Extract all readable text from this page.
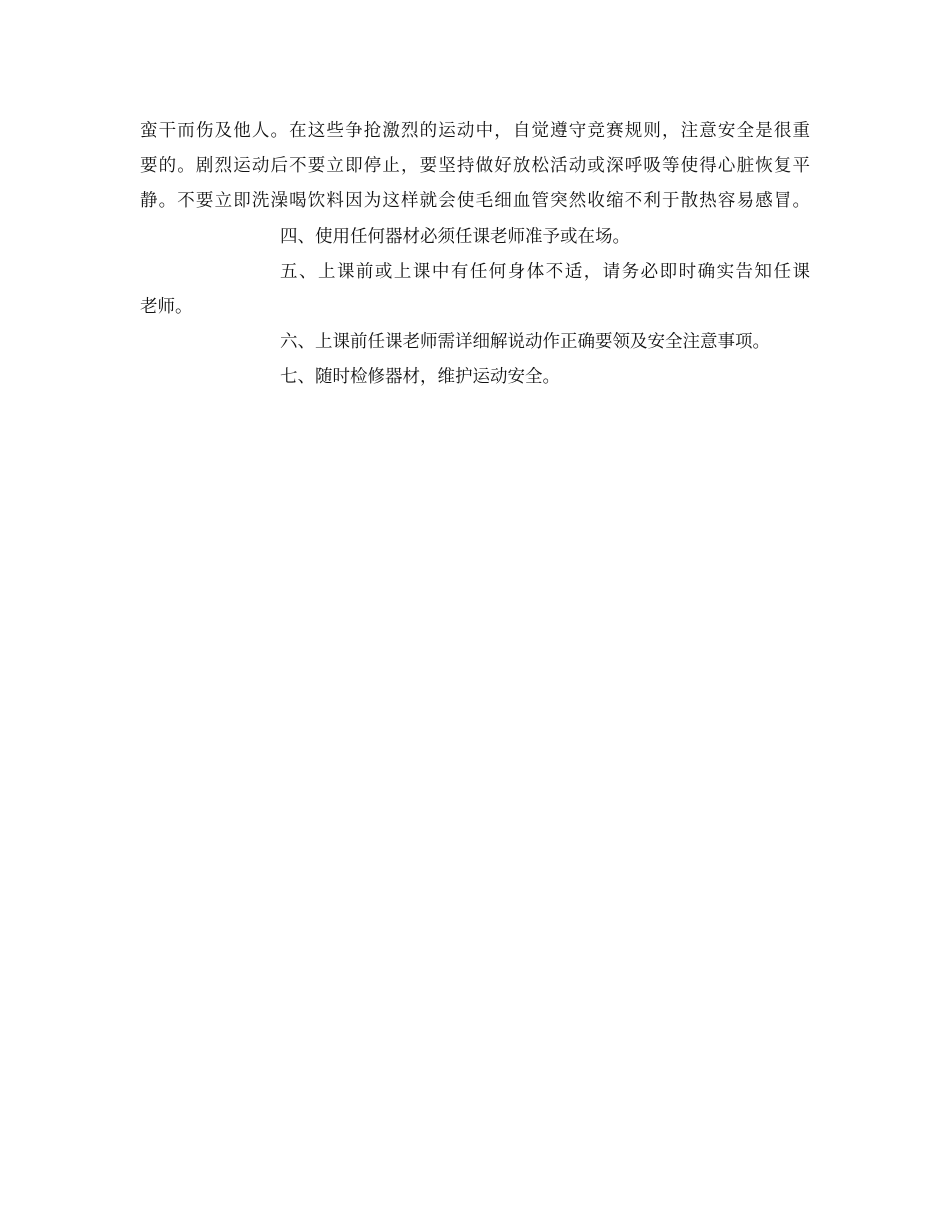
蛮干而伤及他人。在这些争抢激烈的运动中，自觉遵守竞赛规则，注意安全是很重
要的。剧烈运动后不要立即停止，要坚持做好放松活动或深呼吸等使得心脏恢复平
静。不要立即洗澡喝饮料因为这样就会使毛细血管突然收缩不利于散热容易感冒。
四、使用任何器材必须任课老师准予或在场。
五、上课前或上课中有任何身体不适，请务必即时确实告知任课
老师。
六、上课前任课老师需详细解说动作正确要领及安全注意事项。
七、随时检修器材，维护运动安全。
